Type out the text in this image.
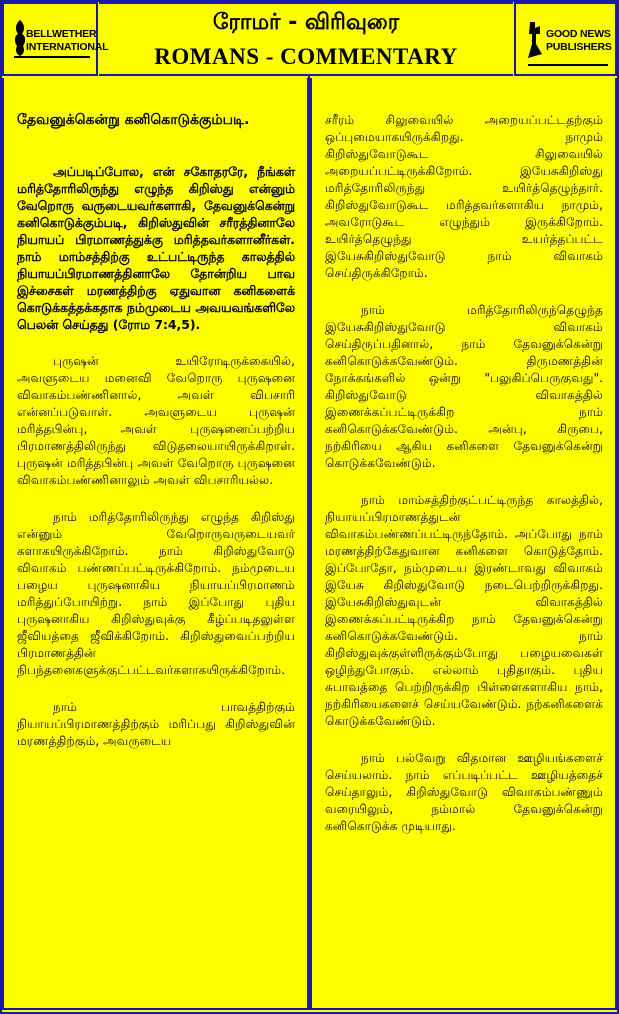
BELLWETHER
INTERNATIONAL
ரோமர் - விரிவுரை
ROMANS - COMMENTARY
GOOD NEWS
PUBLISHERS
தேவனுக்கென்று கனிகொடுக்கும்படி.
அப்படிப்போல, என் சகோதரரே, நீங்கள் மரித்தோரிலிருந்து எழுந்த கிறிஸ்து என்னும் வேறொரு வருடையவர்களாகி, தேவனுக்கென்று கனிகொடுக்கும்படி, கிறிஸ்துவின் சரீரத்தினாலே நியாயப் பிரமாணத்துக்கு மரித்தவர்களானீர்கள். நாம் மாம்சத்திற்கு உட்பட்டிருந்த காலத்தில் நியாயப்பிரமாணத்தினாலே தோன்றிய பாவ இச்சைகள் மரணத்திற்கு ஏதுவான கனிகளைக் கொடுக்கத்தக்கதாக நம்முடைய அவயவங்களிலே பெலன் செய்தது (ரோம 7:4,5).
புருஷன் உயிரோடிருக்கையில், அவளுடைய மனைவி வேறொரு புருஷனை விவாகம்பண்ணினால், அவள் விபசாரி என்னப்படுவாள். அவளுடைய புருஷன் மரித்தபின்பு, அவள் புருஷனைப்பற்றிய பிரமாணத்திலிருந்து விடுதலையாயிருக்கிறாள். புருஷன் மரித்தபின்பு அவள் வேறொரு புருஷனை விவாகம்பண்ணினாலும் அவள் விபசாரியல்ல.
நாம் மரித்தோரிலிருந்து எழுந்த கிறிஸ்து என்னும் வேறொருவருடையவர் களாகயிருக்கிறோம். நாம் கிறிஸ்துவோடு விவாகம் பண்ணப்பட்டிருக்கிறோம். நம்முடைய பழைய புருஷனாகிய நியாயப்பிரமாணம் மரித்துப்போயிற்று. நாம் இப்போது புதிய புருஷனாகிய கிறிஸ்துவுக்கு கீழ்ப்படிதலுள்ள ஜீவியத்தை ஜீவிக்கிறோம். கிறிஸ்துவைப்பற்றிய பிரமாணத்தின் நிபந்தனைகளுக்குட்பட்டவர்களாகயிருக்கிறோம்.
நாம் பாவத்திற்கும் நியாயப்பிரமாணத்திற்கும் மரிப்பது கிறிஸ்துவின் மரணத்திற்கும், அவருடைய
சரீரம் சிலுவையில் அறையப்பட்டதற்கும் ஒப்புமையாகயிருக்கிறது. நாமும் கிறிஸ்துவோடுகூட சிலுவையில் அறையப்பட்டிருக்கிறோம். இயேசுகிறிஸ்து மரித்தோரிலிருந்து உயிர்த்தெழுந்தார். கிறிஸ்துவோடுகூட மரித்தவர்களாகிய நாமும், அவரோடுகூட எழுந்தும் இருக்கிறோம். உயிர்த்தெழுந்து உயர்த்தப்பட்ட இயேசுகிறிஸ்துவோடு நாம் விவாகம் செய்திருக்கிறோம்.
நாம் மரித்தோரிலிருந்தெழுந்த இயேசுகிறிஸ்துவோடு விவாகம் செய்திருப்பதினால், நாம் தேவனுக்கென்று கனிகொடுக்கவேண்டும். திருமணத்தின் நோக்கங்களில் ஒன்று "பலுகிப்பெருகுவது". கிறிஸ்துவோடு விவாகத்தில் இணைக்கப்பட்டிருக்கிற நாம் கனிகொடுக்கவேண்டும். அன்பு, கிருபை, நற்கிரியை ஆகிய கனிகளை தேவனுக்கென்று கொடுக்கவேண்டும்.
நாம் மாம்சத்திற்குட்பட்டிருந்த காலத்தில், நியாயப்பிரமாணத்துடன் விவாகம்பண்ணப்பட்டிருந்தோம். அப்போது நாம் மரணத்திற்கேதுவான கனிகளை கொடுத்தோம். இப்போதோ, நம்முடைய இரண்டாவது விவாகம் இயேசு கிறிஸ்துவோடு நடைபெற்றிருக்கிறது. இயேசுகிறிஸ்துவுடன் விவாகத்தில் இணைக்கப்பட்டிருக்கிற நாம் தேவனுக்கென்று கனிகொடுக்கவேண்டும். நாம் கிறிஸ்துவுக்குள்ளிருக்கும்போது பழையவைகள் ஒழிந்துபோகும். எல்லாம் புதிதாகும். புதிய சுபாவத்தை பெற்றிருக்கிற பிள்ளைகளாகிய நாம், நற்கிரியைகளைச் செய்யவேண்டும். நற்கனிகளைக் கொடுக்கவேண்டும்.
நாம் பல்வேறு விதமான ஊழியங்களைச் செய்யலாம். நாம் எப்படிப்பட்ட ஊழியத்தைச் செய்தாலும், கிறிஸ்துவோடு விவாகம்பண்ணும் வரையிலும், நம்மால் தேவனுக்கென்று கனிகொடுக்க முடியாது.
